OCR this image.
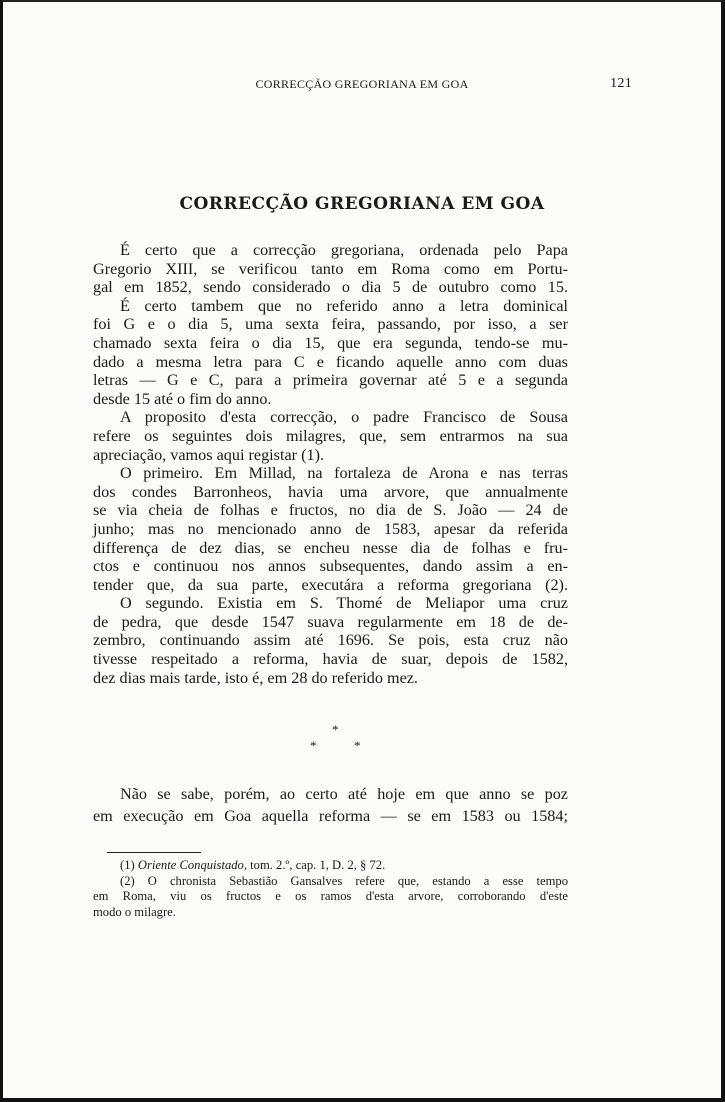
CORRECÇÃO GREGORIANA EM GOA	121
CORRECÇÃO GREGORIANA EM GOA

É certo que a correcção gregoriana, ordenada pelo Papa
Gregorio XIII, se verificou tanto em Roma como em Portu-
gal em 1852, sendo considerado o dia 5 de outubro como 15.

É certo tambem que no referido anno a letra dominical
foi G e o dia 5, uma sexta feira, passando, por isso, a ser
chamado sexta feira o dia 15, que era segunda, tendo-se mu-
dado a mesma letra para C e ficando aquelle anno com duas
letras — G e C, para a primeira governar até 5 e a segunda
desde 15 até o fim do anno.

A proposito d'esta correcção, o padre Francisco de Sousa
refere os seguintes dois milagres, que, sem entrarmos na sua
apreciação, vamos aqui registar (1).

O primeiro. Em Millad, na fortaleza de Arona e nas terras
dos condes Barronheos, havia uma arvore, que annualmente
se via cheia de folhas e fructos, no dia de S. João — 24 de
junho; mas no mencionado anno de 1583, apesar da referida
differença de dez dias, se encheu nesse dia de folhas e fru-
ctos e continuou nos annos subsequentes, dando assim a en-
tender que, da sua parte, executára a reforma gregoriana (2).

O segundo. Existia em S. Thomé de Meliapor uma cruz
de pedra, que desde 1547 suava regularmente em 18 de de-
zembro, continuando assim até 1696. Se pois, esta cruz não
tivesse respeitado a reforma, havia de suar, depois de 1582,
dez dias mais tarde, isto é, em 28 do referido mez.

*
*	*
Não se sabe, porém, ao certo até hoje em que anno se poz
em execução em Goa aquella reforma — se em 1583 ou 1584;
(1) Oriente Conquistado, tom. 2.º, cap. 1, D. 2, § 72.
(2) O chronista Sebastião Gansalves refere que, estando a esse tempo
em Roma, viu os fructos e os ramos d'esta arvore, corroborando d'este
modo o milagre.
